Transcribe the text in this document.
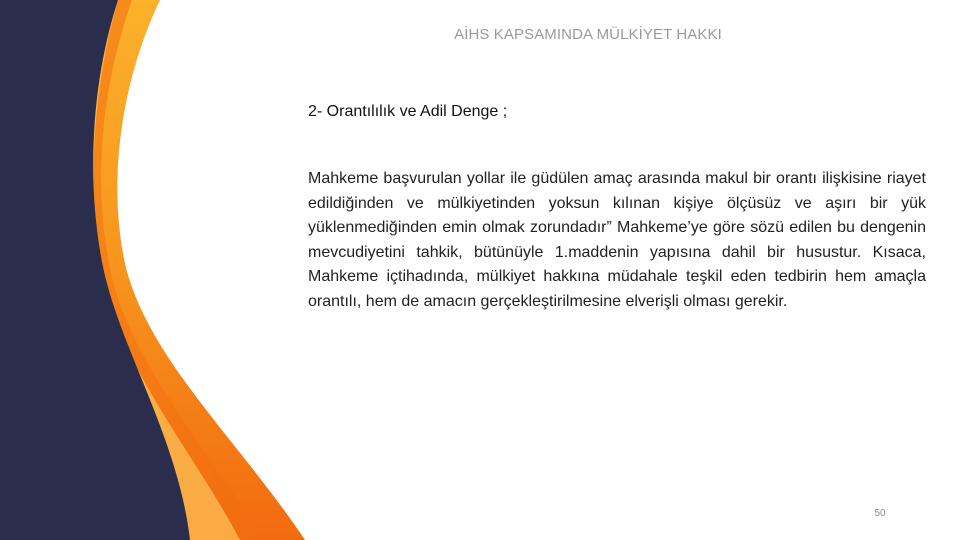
AİHS KAPSAMINDA MÜLKİYET HAKKI
2- Orantılılık ve Adil Denge ;

Mahkeme başvurulan yollar ile güdülen amaç arasında makul bir orantı ilişkisine riayet edildiğinden ve mülkiyetinden yoksun kılınan kişiye ölçüsüz ve aşırı bir yük yüklenmediğinden emin olmak zorundadır” Mahkeme’ye göre sözü edilen bu dengenin mevcudiyetini tahkik, bütünüyle 1.maddenin yapısına dahil bir husustur. Kısaca, Mahkeme içtihadında, mülkiyet hakkına müdahale teşkil eden tedbirin hem amaçla orantılı, hem de amacın gerçekleştirilmesine elverişli olması gerekir.

50
